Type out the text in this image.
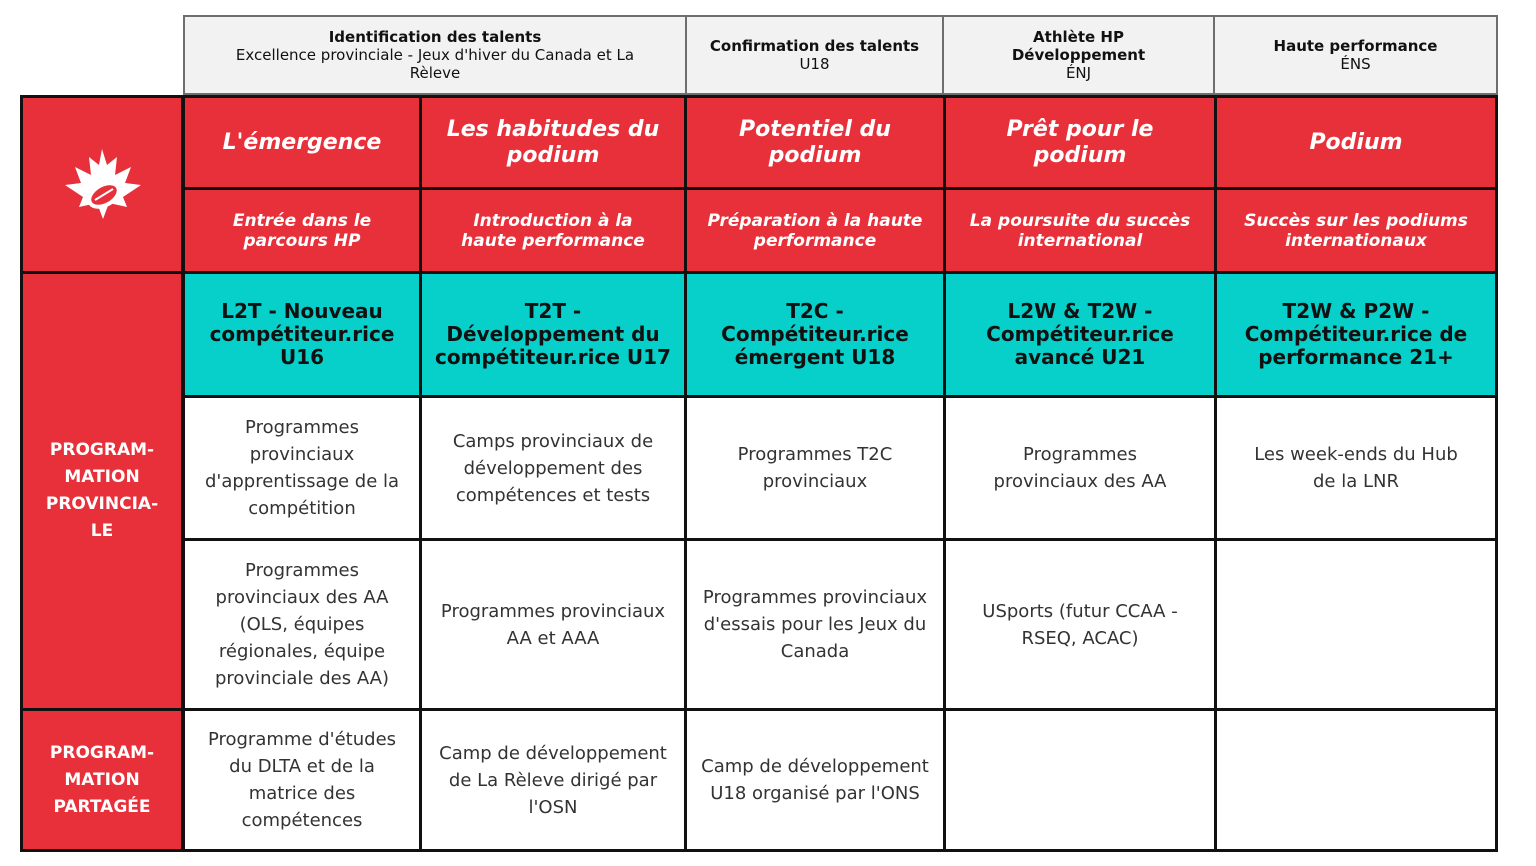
Identification des talents
Excellence provinciale - Jeux d'hiver du Canada et La Rèleve
Confirmation des talents
U18
Athlète HP Développement
ÉNJ
Haute performance
ÉNS
L'émergence
Les habitudes du podium
Potentiel du podium
Prêt pour le podium
Podium
Entrée dans le parcours HP
Introduction à la haute performance
Préparation à la haute performance
La poursuite du succès international
Succès sur les podiums internationaux
PROGRAM-MATION PROVINCIA-LE
L2T - Nouveau compétiteur.rice U16
T2T - Développement du compétiteur.rice U17
T2C - Compétiteur.rice émergent U18
L2W & T2W - Compétiteur.rice avancé U21
T2W & P2W - Compétiteur.rice de performance 21+
Programmes provinciaux d'apprentissage de la compétition
Camps provinciaux de développement des compétences et tests
Programmes T2C provinciaux
Programmes provinciaux des AA
Les week-ends du Hub de la LNR
Programmes provinciaux des AA (OLS, équipes régionales, équipe provinciale des AA)
Programmes provinciaux AA et AAA
Programmes provinciaux d'essais pour les Jeux du Canada
USports (futur CCAA - RSEQ, ACAC)
PROGRAM-MATION PARTAGÉE
Programme d'études du DLTA et de la matrice des compétences
Camp de développement de La Rèleve dirigé par l'OSN
Camp de développement U18 organisé par l'ONS
